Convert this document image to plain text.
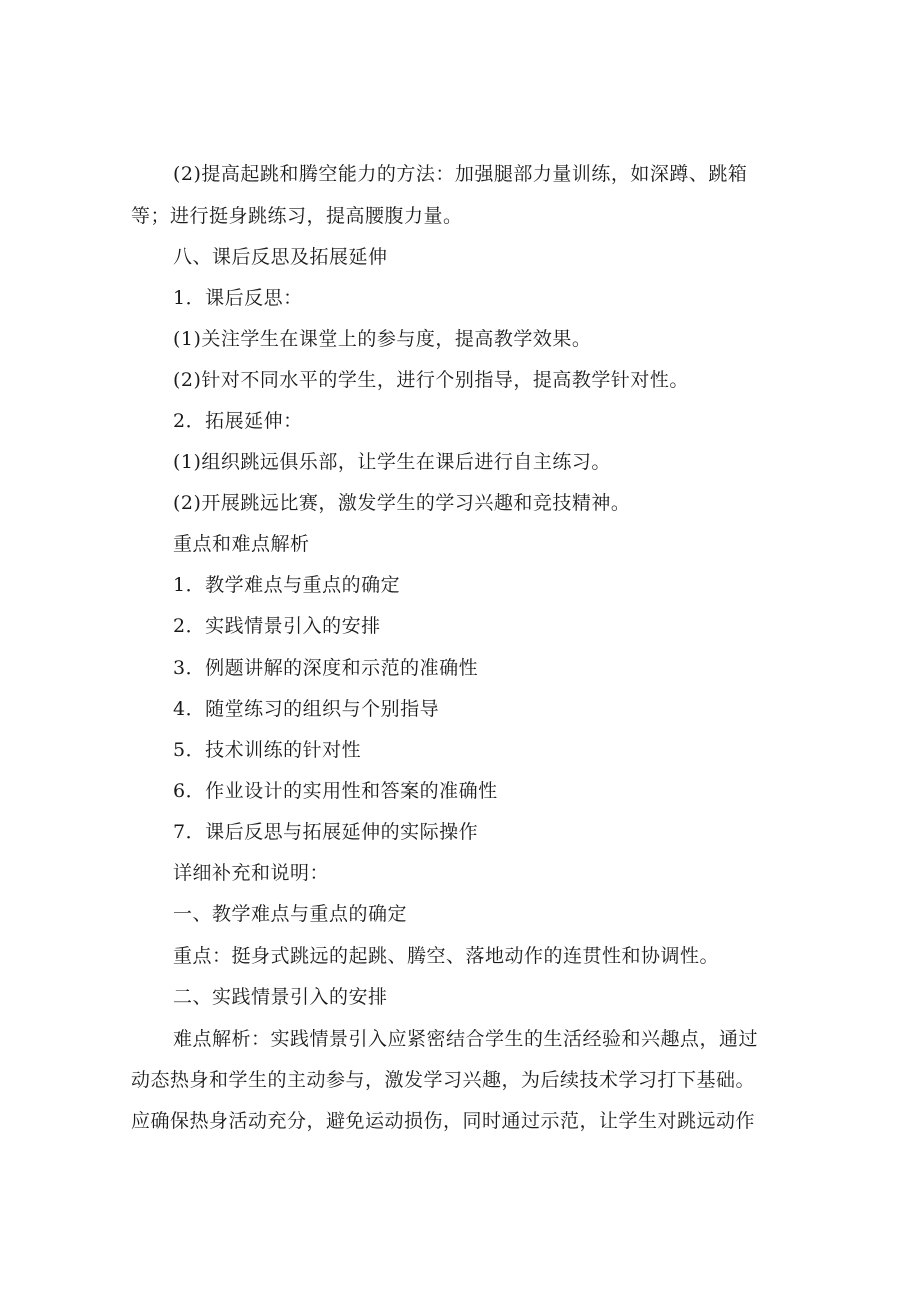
(2)提高起跳和腾空能力的方法：加强腿部力量训练，如深蹲、跳箱
等；进行挺身跳练习，提高腰腹力量。
八、课后反思及拓展延伸
1．课后反思：
(1)关注学生在课堂上的参与度，提高教学效果。
(2)针对不同水平的学生，进行个别指导，提高教学针对性。
2．拓展延伸：
(1)组织跳远俱乐部，让学生在课后进行自主练习。
(2)开展跳远比赛，激发学生的学习兴趣和竞技精神。
重点和难点解析
1．教学难点与重点的确定
2．实践情景引入的安排
3．例题讲解的深度和示范的准确性
4．随堂练习的组织与个别指导
5．技术训练的针对性
6．作业设计的实用性和答案的准确性
7．课后反思与拓展延伸的实际操作
详细补充和说明：
一、教学难点与重点的确定
重点：挺身式跳远的起跳、腾空、落地动作的连贯性和协调性。
二、实践情景引入的安排
难点解析：实践情景引入应紧密结合学生的生活经验和兴趣点，通过
动态热身和学生的主动参与，激发学习兴趣，为后续技术学习打下基础。
应确保热身活动充分，避免运动损伤，同时通过示范，让学生对跳远动作
